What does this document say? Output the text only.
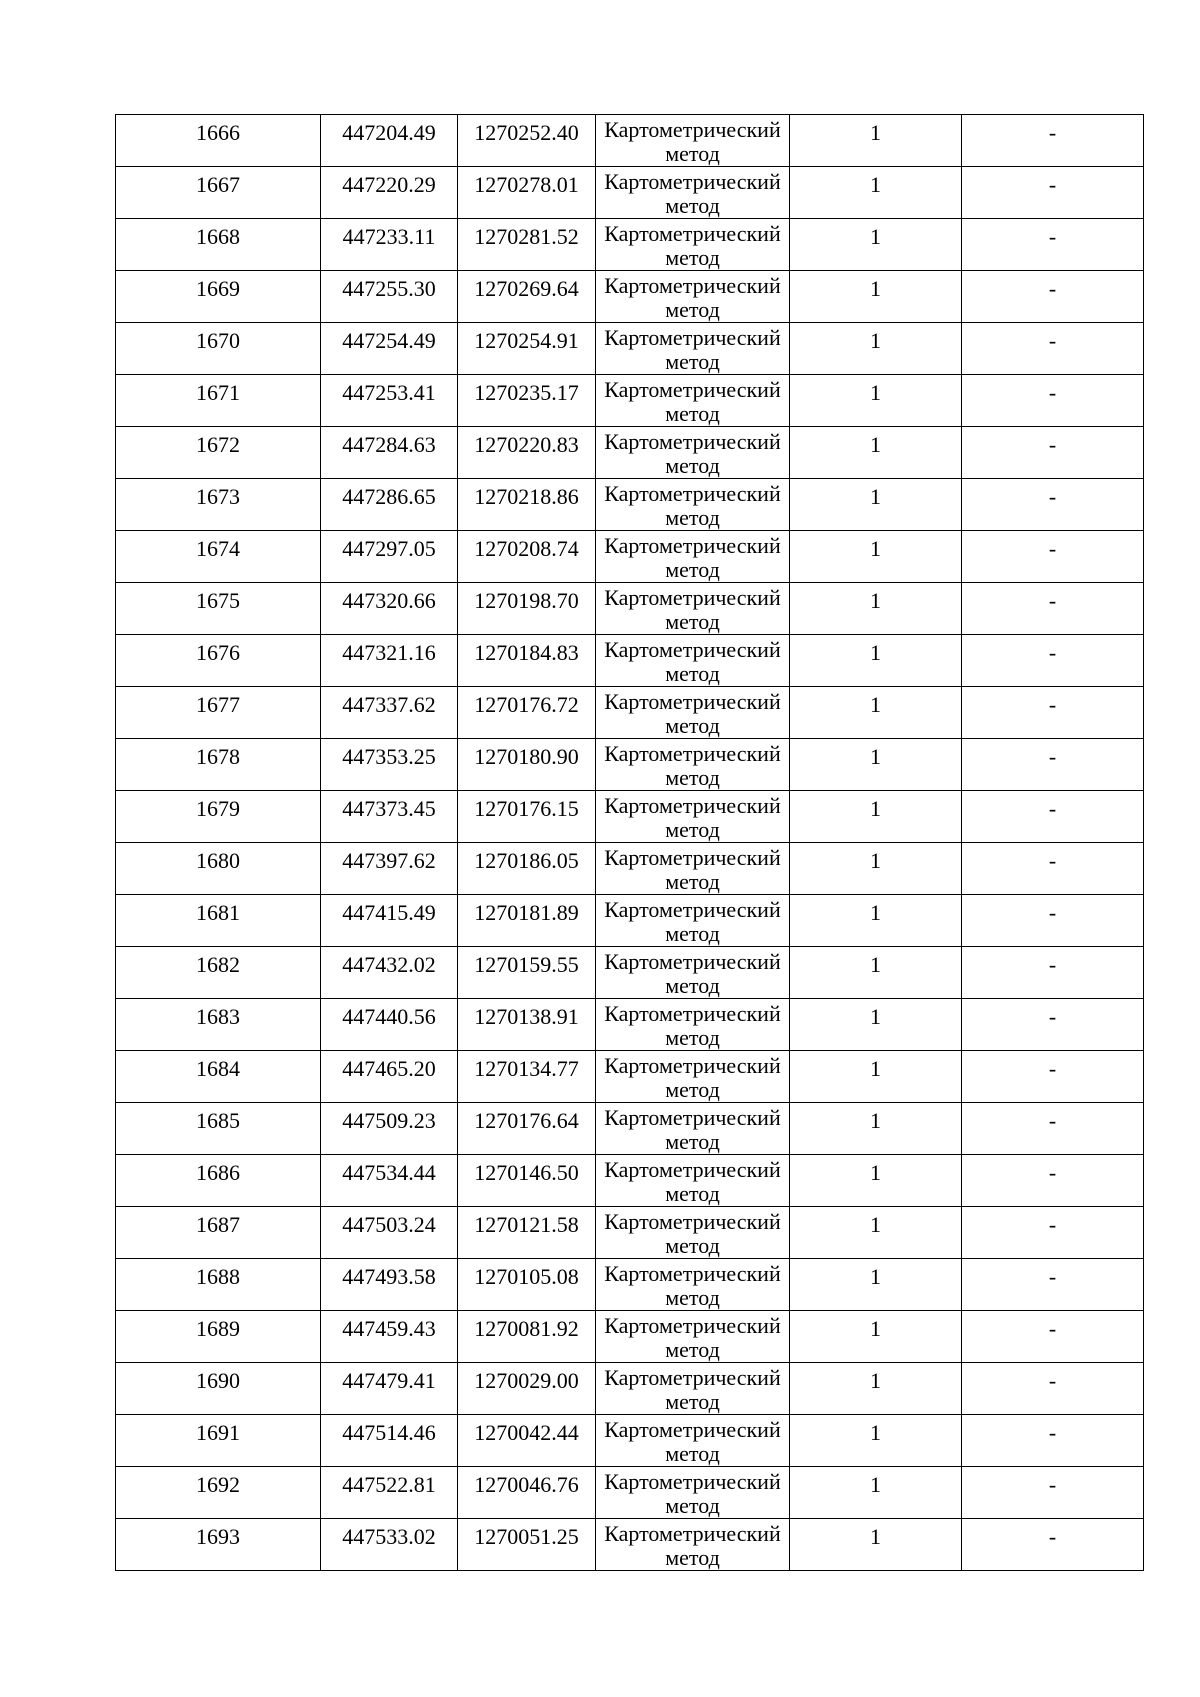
1666	447204.49	1270252.40	Картометрический метод	1	-
1667	447220.29	1270278.01	Картометрический метод	1	-
1668	447233.11	1270281.52	Картометрический метод	1	-
1669	447255.30	1270269.64	Картометрический метод	1	-
1670	447254.49	1270254.91	Картометрический метод	1	-
1671	447253.41	1270235.17	Картометрический метод	1	-
1672	447284.63	1270220.83	Картометрический метод	1	-
1673	447286.65	1270218.86	Картометрический метод	1	-
1674	447297.05	1270208.74	Картометрический метод	1	-
1675	447320.66	1270198.70	Картометрический метод	1	-
1676	447321.16	1270184.83	Картометрический метод	1	-
1677	447337.62	1270176.72	Картометрический метод	1	-
1678	447353.25	1270180.90	Картометрический метод	1	-
1679	447373.45	1270176.15	Картометрический метод	1	-
1680	447397.62	1270186.05	Картометрический метод	1	-
1681	447415.49	1270181.89	Картометрический метод	1	-
1682	447432.02	1270159.55	Картометрический метод	1	-
1683	447440.56	1270138.91	Картометрический метод	1	-
1684	447465.20	1270134.77	Картометрический метод	1	-
1685	447509.23	1270176.64	Картометрический метод	1	-
1686	447534.44	1270146.50	Картометрический метод	1	-
1687	447503.24	1270121.58	Картометрический метод	1	-
1688	447493.58	1270105.08	Картометрический метод	1	-
1689	447459.43	1270081.92	Картометрический метод	1	-
1690	447479.41	1270029.00	Картометрический метод	1	-
1691	447514.46	1270042.44	Картометрический метод	1	-
1692	447522.81	1270046.76	Картометрический метод	1	-
1693	447533.02	1270051.25	Картометрический метод	1	-
